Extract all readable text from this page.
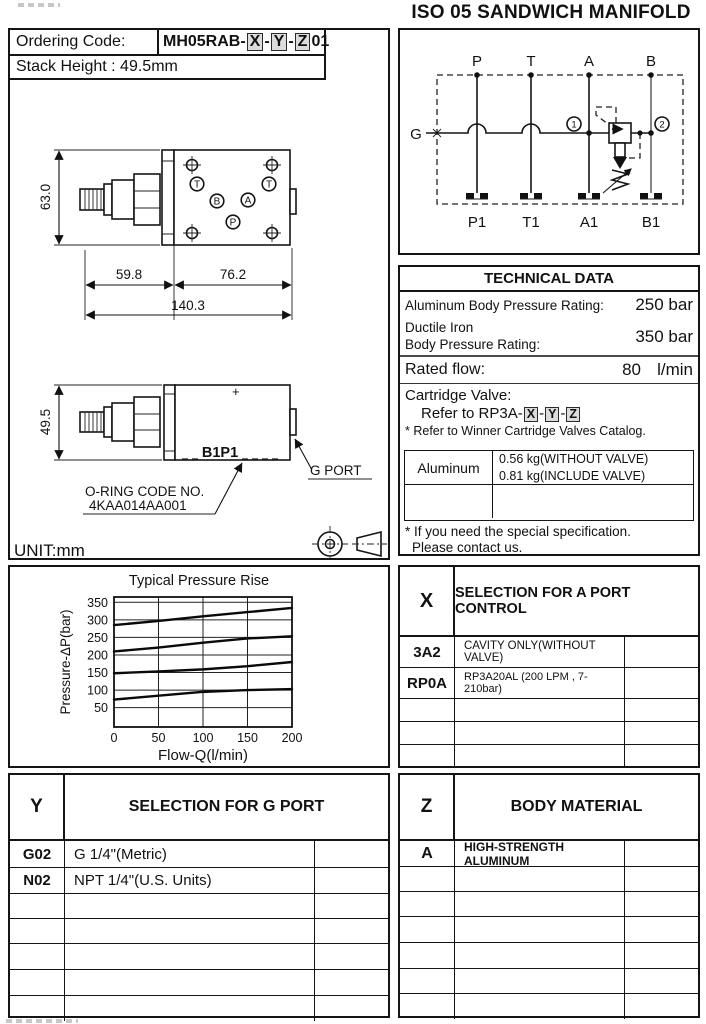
ISO 05 SANDWICH MANIFOLD
Ordering Code: MH05RAB- X - Y - Z 01
Stack Height : 49.5mm
T	T
B A
P
63.0
59.8	76.2
140.3
+
B1P1
49.5
G PORT
O-RING CODE NO.
4KAA014AA001
UNIT:mm
P	T	A	B
P1 T1	A1	B1
G
1	2
TECHNICAL DATA
Aluminum Body Pressure Rating:	250 bar
Ductile Iron
Body Pressure Rating:	350 bar
Rated flow:	80 l/min
Cartridge Valve:
Refer to RP3A- X - Y - Z
* Refer to Winner Cartridge Valves Catalog.
Aluminum
0.56 kg(WITHOUT VALVE)
0.81 kg(INCLUDE VALVE)
* If you need the special specification.
Please contact us.
Typical Pressure Rise
0	50 100 150 200
50
100
150
200
250
300
350
Flow-Q(l/min)
Pressure-ΔP(bar)
X	SELECTION FOR A PORT CONTROL
3A2	CAVITY ONLY(WITHOUT VALVE)
RP0A	RP3A20AL (200 LPM , 7-210bar)
Y	SELECTION FOR G PORT
G02	G 1/4"(Metric)
N02	NPT 1/4"(U.S. Units)
Z	BODY MATERIAL
A	HIGH-STRENGTH ALUMINUM
